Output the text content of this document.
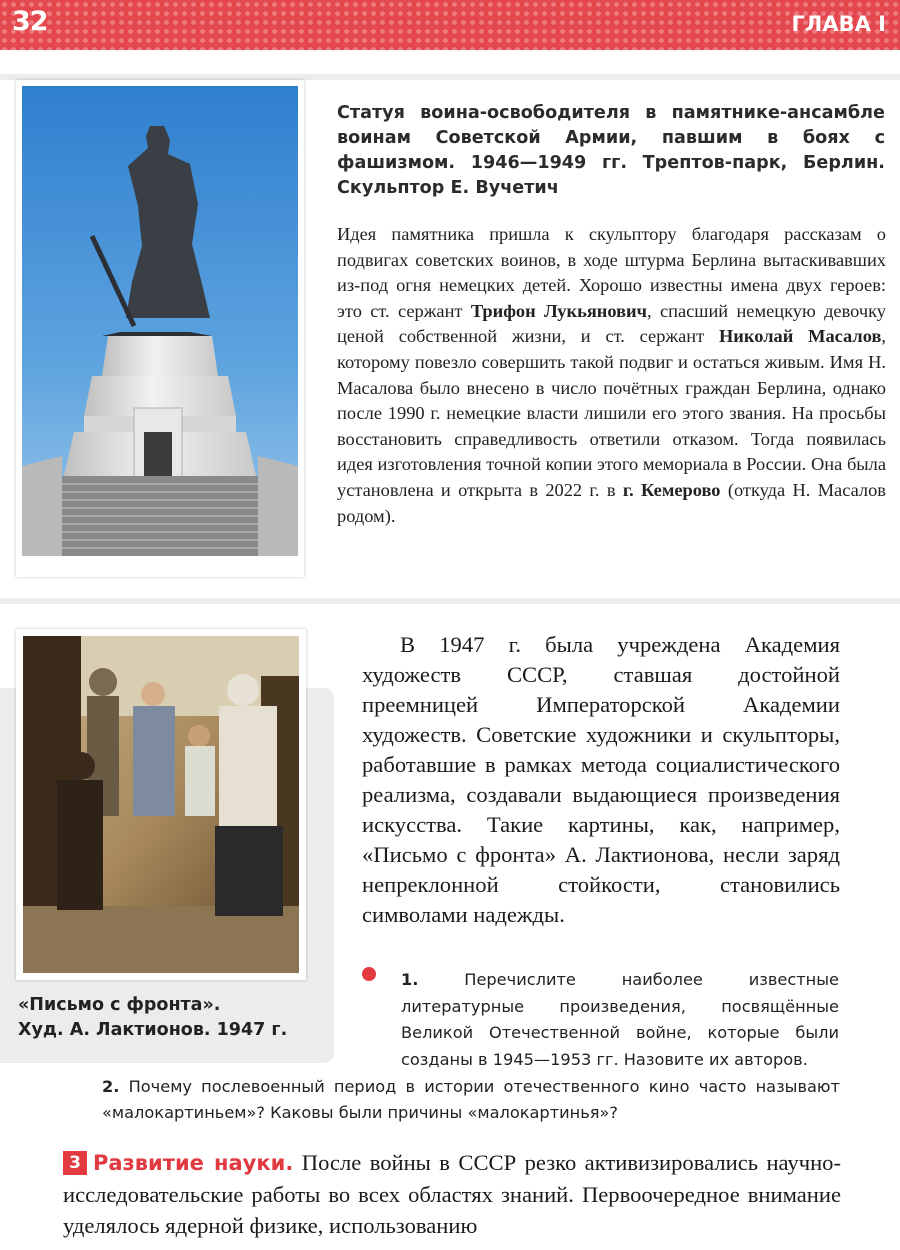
32	ГЛАВА I
Статуя воина-освободителя в памятнике-ансамбле воинам Советской Армии, павшим в боях с фашизмом. 1946—1949 гг. Трептов-парк, Берлин. Скульптор Е. Вучетич
Идея памятника пришла к скульптору благодаря рассказам о подвигах советских воинов, в ходе штурма Берлина вытаскивавших из-под огня немецких детей. Хорошо известны имена двух героев: это ст. сержант Трифон Лукьянович, спасший немецкую девочку ценой собственной жизни, и ст. сержант Николай Масалов, которому повезло совершить такой подвиг и остаться живым. Имя Н. Масалова было внесено в число почётных граждан Берлина, однако после 1990 г. немецкие власти лишили его этого звания. На просьбы восстановить справедливость ответили отказом. Тогда появилась идея изготовления точной копии этого мемориала в России. Она была установлена и открыта в 2022 г. в г. Кемерово (откуда Н. Масалов родом).
«Письмо с фронта».
Худ. А. Лактионов. 1947 г.
В 1947 г. была учреждена Академия художеств СССР, ставшая достойной преемницей Императорской Академии художеств. Советские художники и скульпторы, работавшие в рамках метода социалистического реализма, создавали выдающиеся произведения искусства. Такие картины, как, например, «Письмо с фронта» А. Лактионова, несли заряд непреклонной стойкости, становились символами надежды.
1.	Перечислите наиболее известные литературные произведения, посвящённые Великой Отечественной войне, которые были созданы в 1945—1953 гг. Назовите их авторов.
2. Почему послевоенный период в истории отечественного кино часто называют «малокартиньем»? Каковы были причины «малокартинья»?
3 Развитие науки. После войны в СССР резко активизировались научно-исследовательские работы во всех областях знаний. Первоочередное внимание уделялось ядерной физике, использованию
